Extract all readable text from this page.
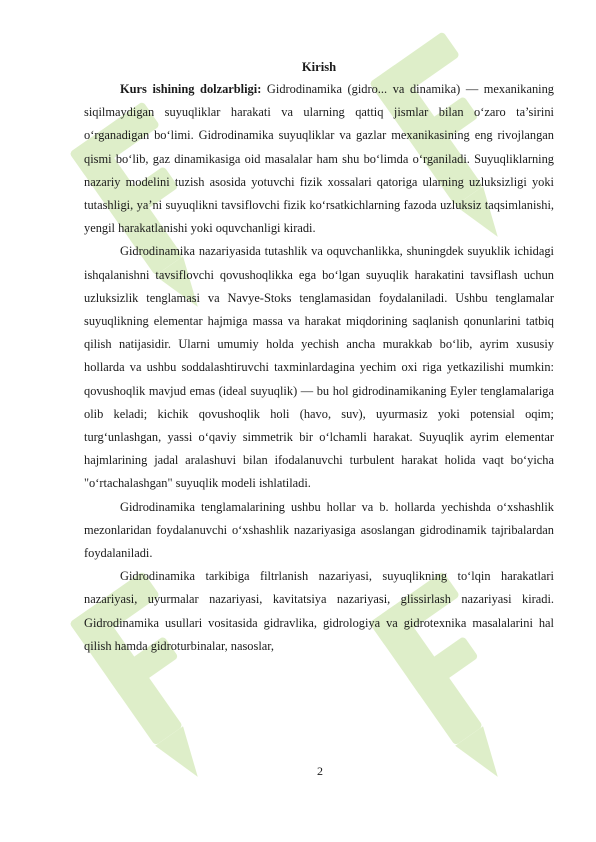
Kirish

Kurs ishining dolzarbligi: Gidrodinamika (gidro... va dinamika) — mexanikaning siqilmaydigan suyuqliklar harakati va ularning qattiq jismlar bilan o‘zaro ta’sirini o‘rganadigan bo‘limi. Gidrodinamika suyuqliklar va gazlar mexanikasining eng rivojlangan qismi bo‘lib, gaz dinamikasiga oid masalalar ham shu bo‘limda o‘rganiladi. Suyuqliklarning nazariy modelini tuzish asosida yotuvchi fizik xossalari qatoriga ularning uzluksizligi yoki tutashligi, ya’ni suyuqlikni tavsiflovchi fizik ko‘rsatkichlarning fazoda uzluksiz taqsimlanishi, yengil harakatlanishi yoki oquvchanligi kiradi.

Gidrodinamika nazariyasida tutashlik va oquvchanlikka, shuningdek suyuklik ichidagi ishqalanishni tavsiflovchi qovushoqlikka ega bo‘lgan suyuqlik harakatini tavsiflash uchun uzluksizlik tenglamasi va Navye-Stoks tenglamasidan foydalaniladi. Ushbu tenglamalar suyuqlikning elementar hajmiga massa va harakat miqdorining saqlanish qonunlarini tatbiq qilish natijasidir. Ularni umumiy holda yechish ancha murakkab bo‘lib, ayrim xususiy hollarda va ushbu soddalashtiruvchi taxminlardagina yechim oxi riga yetkazilishi mumkin: qovushoqlik mavjud emas (ideal suyuqlik) — bu hol gidrodinamikaning Eyler tenglamalariga olib keladi; kichik qovushoqlik holi (havo, suv), uyurmasiz yoki potensial oqim; turg‘unlashgan, yassi o‘qaviy simmetrik bir o‘lchamli harakat. Suyuqlik ayrim elementar hajmlarining jadal aralashuvi bilan ifodalanuvchi turbulent harakat holida vaqt bo‘yicha "o‘rtachalashgan" suyuqlik modeli ishlatiladi.

Gidrodinamika tenglamalarining ushbu hollar va b. hollarda yechishda o‘xshashlik mezonlaridan foydalanuvchi o‘xshashlik nazariyasiga asoslangan gidrodinamik tajribalardan foydalaniladi.

Gidrodinamika tarkibiga filtrlanish nazariyasi, suyuqlikning to‘lqin harakatlari nazariyasi, uyurmalar nazariyasi, kavitatsiya nazariyasi, glissirlash nazariyasi kiradi. Gidrodinamika usullari vositasida gidravlika, gidrologiya va gidrotexnika masalalarini hal qilish hamda gidroturbinalar, nasoslar,

2
